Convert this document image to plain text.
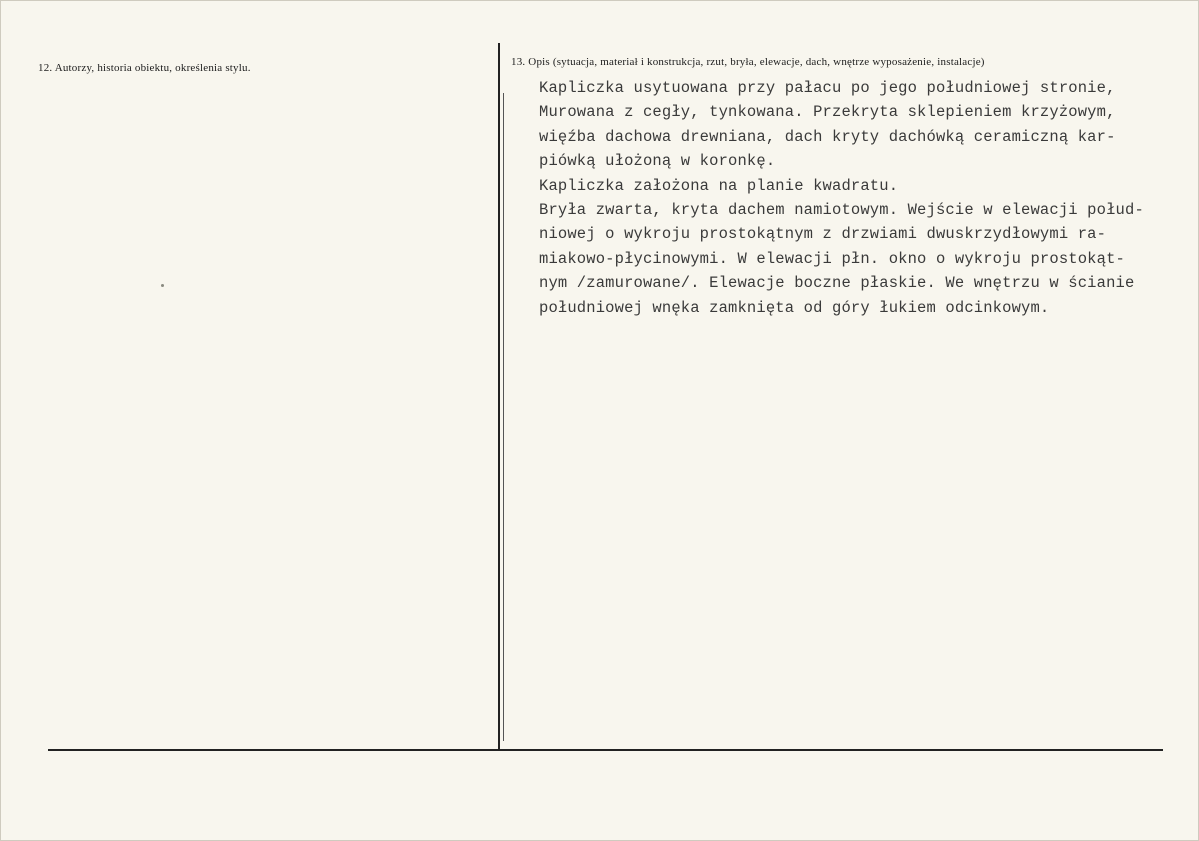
12. Autorzy, historia obiektu, określenia stylu.	13. Opis (sytuacja, materiał i konstrukcja, rzut, bryła, elewacje, dach, wnętrze wyposażenie, instalacje)
Kapliczka usytuowana przy pałacu po jego południowej stronie,
Murowana z cegły, tynkowana. Przekryta sklepieniem krzyżowym,
więźba dachowa drewniana, dach kryty dachówką ceramiczną kar-
piówką ułożoną w koronkę.
Kapliczka założona na planie kwadratu.
Bryła zwarta, kryta dachem namiotowym. Wejście w elewacji połud-
niowej o wykroju prostokątnym z drzwiami dwuskrzydłowymi ra-
miakowo-płycinowymi. W elewacji płn. okno o wykroju prostokąt-
nym /zamurowane/. Elewacje boczne płaskie. We wnętrzu w ścianie
południowej wnęka zamknięta od góry łukiem odcinkowym.
